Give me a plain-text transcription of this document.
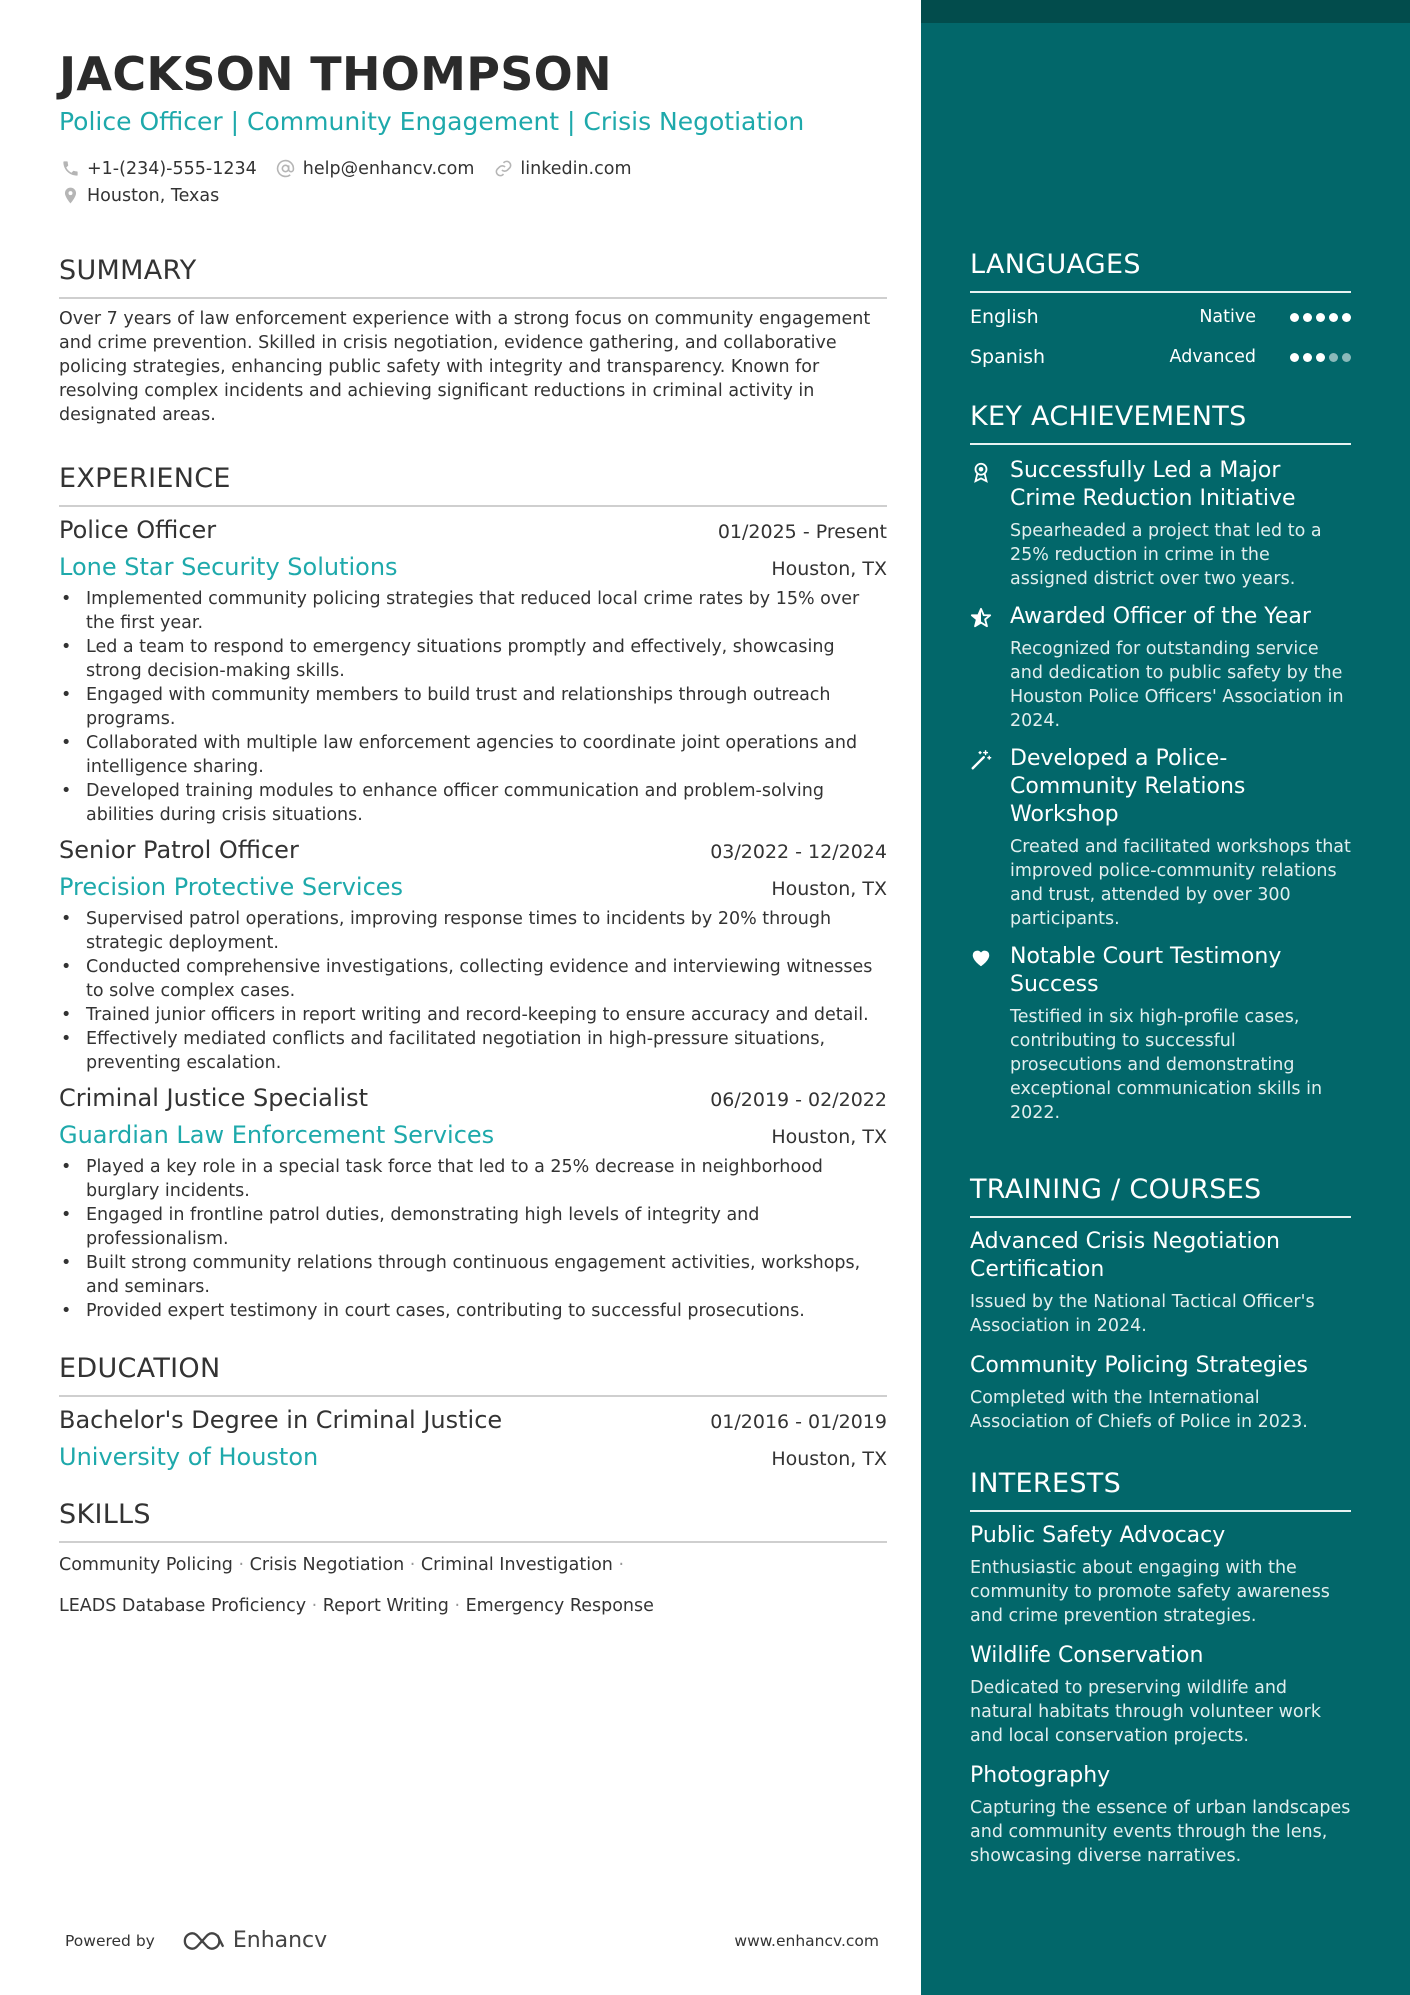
JACKSON THOMPSON
Police Officer | Community Engagement | Crisis Negotiation
+1-(234)-555-1234	help@enhancv.com	linkedin.com
Houston, Texas
SUMMARY
Over 7 years of law enforcement experience with a strong focus on community engagement and crime prevention. Skilled in crisis negotiation, evidence gathering, and collaborative policing strategies, enhancing public safety with integrity and transparency. Known for resolving complex incidents and achieving significant reductions in criminal activity in designated areas.
EXPERIENCE
Police Officer	01/2025 - Present
Lone Star Security Solutions	Houston, TX
• Implemented community policing strategies that reduced local crime rates by 15% over the first year.
• Led a team to respond to emergency situations promptly and effectively, showcasing strong decision-making skills.
• Engaged with community members to build trust and relationships through outreach programs.
• Collaborated with multiple law enforcement agencies to coordinate joint operations and intelligence sharing.
• Developed training modules to enhance officer communication and problem-solving abilities during crisis situations.
Senior Patrol Officer	03/2022 - 12/2024
Precision Protective Services	Houston, TX
• Supervised patrol operations, improving response times to incidents by 20% through strategic deployment.
• Conducted comprehensive investigations, collecting evidence and interviewing witnesses to solve complex cases.
• Trained junior officers in report writing and record-keeping to ensure accuracy and detail.
• Effectively mediated conflicts and facilitated negotiation in high-pressure situations, preventing escalation.
Criminal Justice Specialist	06/2019 - 02/2022
Guardian Law Enforcement Services	Houston, TX
• Played a key role in a special task force that led to a 25% decrease in neighborhood burglary incidents.
• Engaged in frontline patrol duties, demonstrating high levels of integrity and professionalism.
• Built strong community relations through continuous engagement activities, workshops, and seminars.
• Provided expert testimony in court cases, contributing to successful prosecutions.
EDUCATION
Bachelor's Degree in Criminal Justice	01/2016 - 01/2019
University of Houston	Houston, TX
SKILLS
Community Policing · Crisis Negotiation · Criminal Investigation ·
LEADS Database Proficiency · Report Writing · Emergency Response
Powered by	Enhancv	www.enhancv.com
LANGUAGES
English	Native
Spanish	Advanced
KEY ACHIEVEMENTS
Successfully Led a Major Crime Reduction Initiative
Spearheaded a project that led to a 25% reduction in crime in the assigned district over two years.
Awarded Officer of the Year
Recognized for outstanding service and dedication to public safety by the Houston Police Officers' Association in 2024.
Developed a Police-Community Relations Workshop
Created and facilitated workshops that improved police-community relations and trust, attended by over 300 participants.
Notable Court Testimony Success
Testified in six high-profile cases, contributing to successful prosecutions and demonstrating exceptional communication skills in 2022.
TRAINING / COURSES
Advanced Crisis Negotiation Certification
Issued by the National Tactical Officer's Association in 2024.
Community Policing Strategies
Completed with the International Association of Chiefs of Police in 2023.
INTERESTS
Public Safety Advocacy
Enthusiastic about engaging with the community to promote safety awareness and crime prevention strategies.
Wildlife Conservation
Dedicated to preserving wildlife and natural habitats through volunteer work and local conservation projects.
Photography
Capturing the essence of urban landscapes and community events through the lens, showcasing diverse narratives.
